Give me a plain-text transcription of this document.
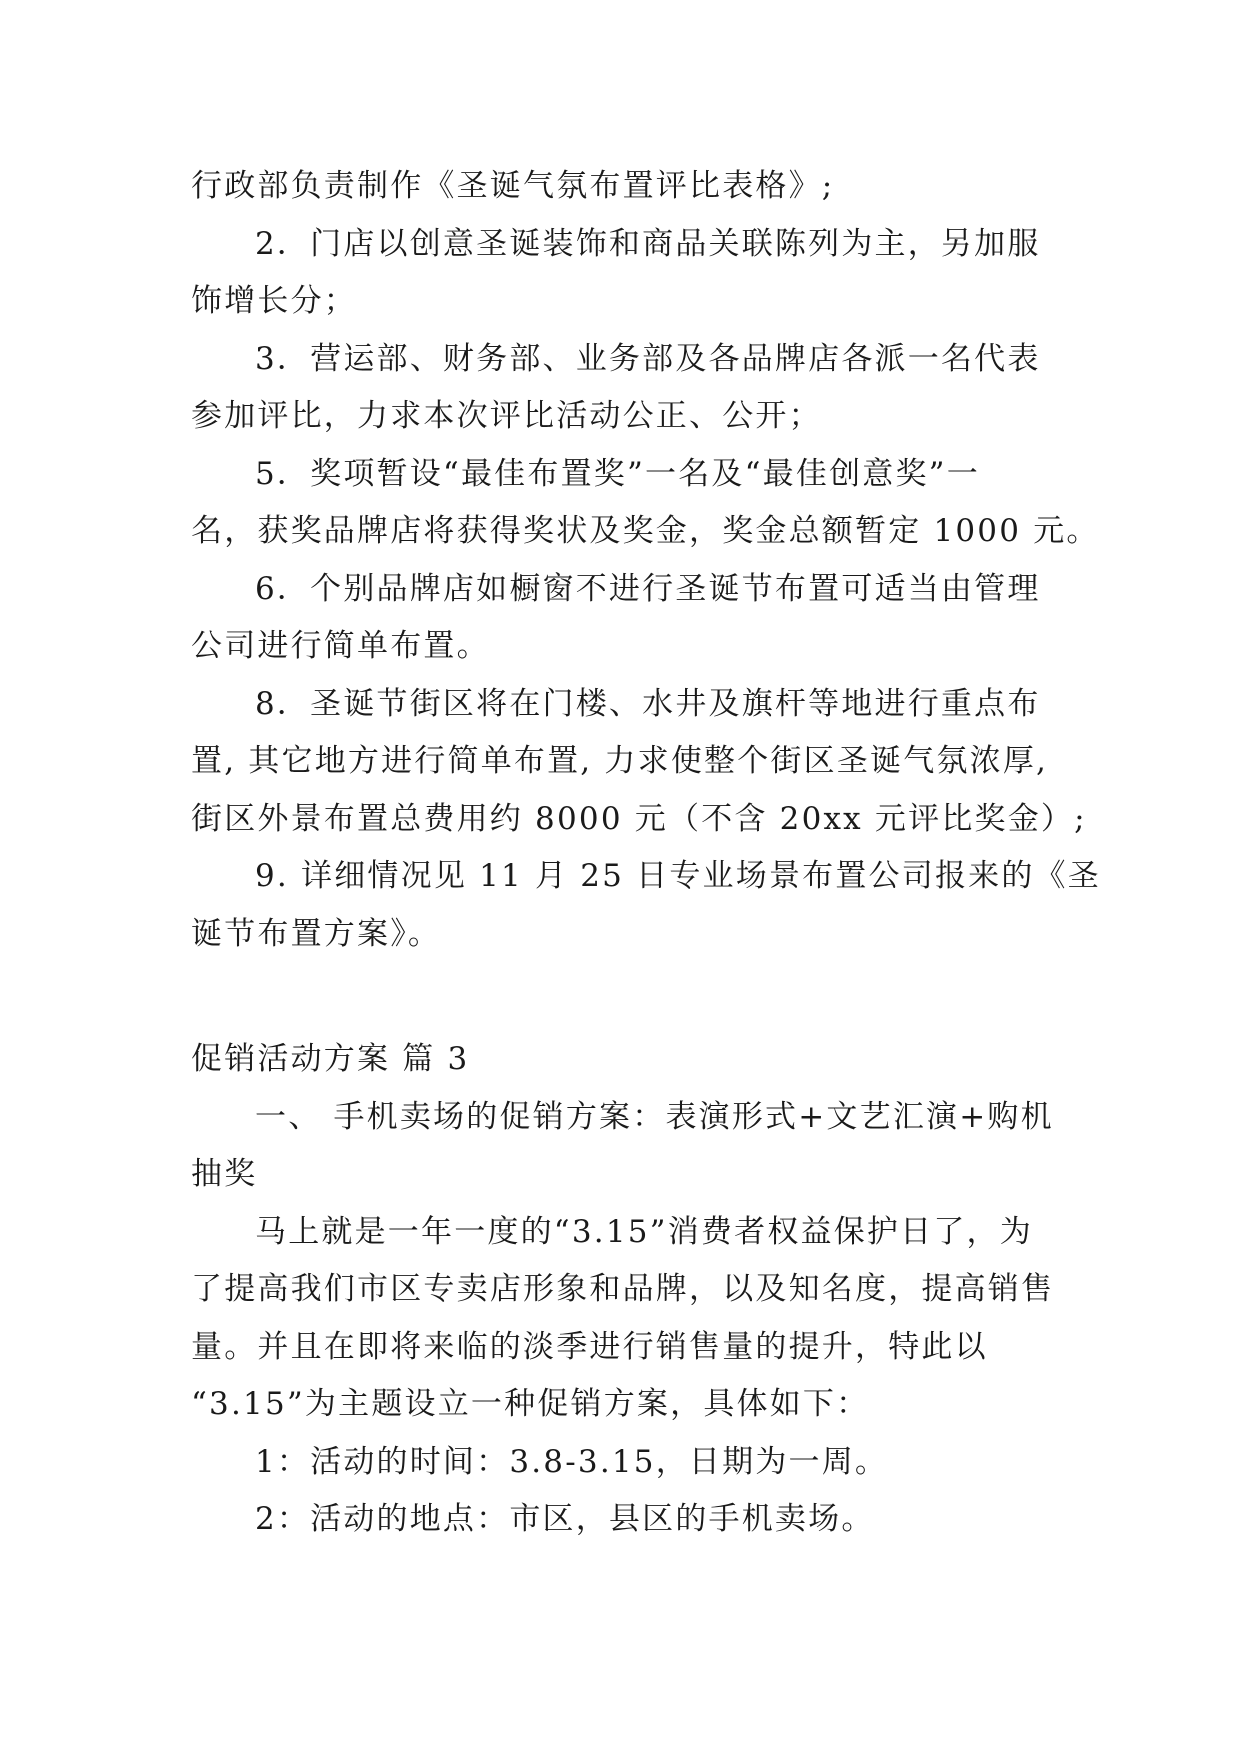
行政部负责制作《圣诞气氛布置评比表格》;
2．门店以创意圣诞装饰和商品关联陈列为主，另加服
饰增长分；
3．营运部、财务部、业务部及各品牌店各派一名代表
参加评比，力求本次评比活动公正、公开；
5．奖项暂设“最佳布置奖”一名及“最佳创意奖”一
名，获奖品牌店将获得奖状及奖金，奖金总额暂定 1000 元。
6．个别品牌店如橱窗不进行圣诞节布置可适当由管理
公司进行简单布置。
8．圣诞节街区将在门楼、水井及旗杆等地进行重点布
置, 其它地方进行简单布置, 力求使整个街区圣诞气氛浓厚,
街区外景布置总费用约 8000 元（不含 20xx 元评比奖金）;
9. 详细情况见 11 月 25 日专业场景布置公司报来的《圣
诞节布置方案》。
促销活动方案 篇 3
一、 手机卖场的促销方案：表演形式+文艺汇演+购机
抽奖
马上就是一年一度的“3.15”消费者权益保护日了，为
了提高我们市区专卖店形象和品牌，以及知名度，提高销售
量。并且在即将来临的淡季进行销售量的提升，特此以
“3.15”为主题设立一种促销方案，具体如下：
1：活动的时间：3.8-3.15，日期为一周。
2：活动的地点：市区，县区的手机卖场。
